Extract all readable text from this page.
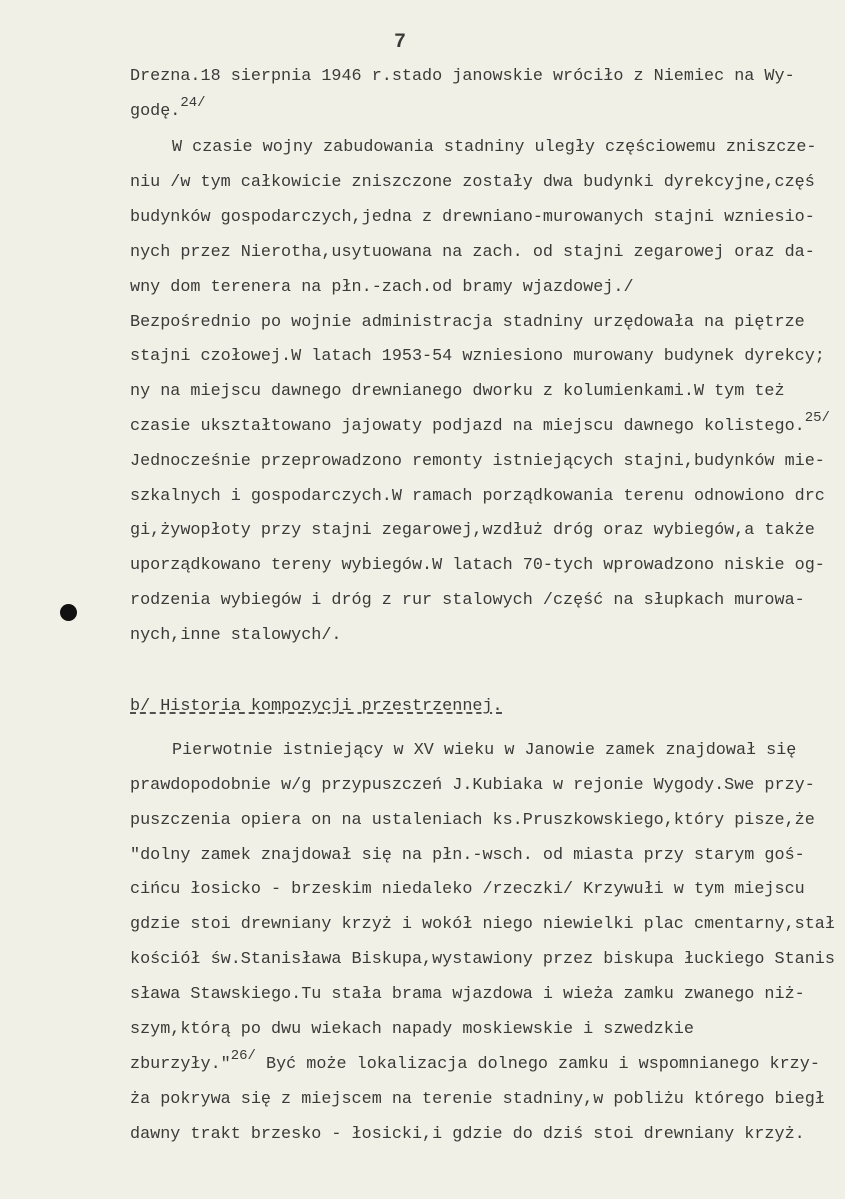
7
Drezna.18 sierpnia 1946 r.stado janowskie wróciło z Niemiec na Wy-
godę.$^{24/}$
W czasie wojny zabudowania stadniny uległy częściowemu zniszcze-
niu /w tym całkowicie zniszczone zostały dwa budynki dyrekcyjne,częś
budynków gospodarczych,jedna z drewniano-murowanych stajni wzniesio-
nych przez Nierotha,usytuowana na zach. od stajni zegarowej oraz da-
wny dom terenera na płn.-zach.od bramy wjazdowej./
Bezpośrednio po wojnie administracja stadniny urzędowała na piętrze
stajni czołowej.W latach 1953-54 wzniesiono murowany budynek dyrekcy;
ny na miejscu dawnego drewnianego dworku z kolumienkami.W tym też
czasie ukształtowano jajowaty podjazd na miejscu dawnego kolistego.$^{25/}$
Jednocześnie przeprowadzono remonty istniejących stajni,budynków mie-
szkalnych i gospodarczych.W ramach porządkowania terenu odnowiono drc
gi,żywopłoty przy stajni zegarowej,wzdłuż dróg oraz wybiegów,a także
uporządkowano tereny wybiegów.W latach 70-tych wprowadzono niskie og-
rodzenia wybiegów i dróg z rur stalowych /część na słupkach murowa-
nych,inne stalowych/.
b/ Historia kompozycji przestrzennej.
Pierwotnie istniejący w XV wieku w Janowie zamek znajdował się
prawdopodobnie w/g przypuszczeń J.Kubiaka w rejonie Wygody.Swe przy-
puszczenia opiera on na ustaleniach ks.Pruszkowskiego,który pisze,że
"dolny zamek znajdował się na płn.-wsch. od miasta przy starym goś-
cińcu łosicko - brzeskim niedaleko /rzeczki/ Krzywułi w tym miejscu
gdzie stoi drewniany krzyż i wokół niego niewielki plac cmentarny,stał
kościół św.Stanisława Biskupa,wystawiony przez biskupa łuckiego Stanis
sława Stawskiego.Tu stała brama wjazdowa i wieża zamku zwanego niż-
szym,którą po dwu wiekach napady moskiewskie i szwedzkie
zburzyły."$^{26/}$ Być może lokalizacja dolnego zamku i wspomnianego krzy-
ża pokrywa się z miejscem na terenie stadniny,w pobliżu którego biegł
dawny trakt brzesko - łosicki,i gdzie do dziś stoi drewniany krzyż.
